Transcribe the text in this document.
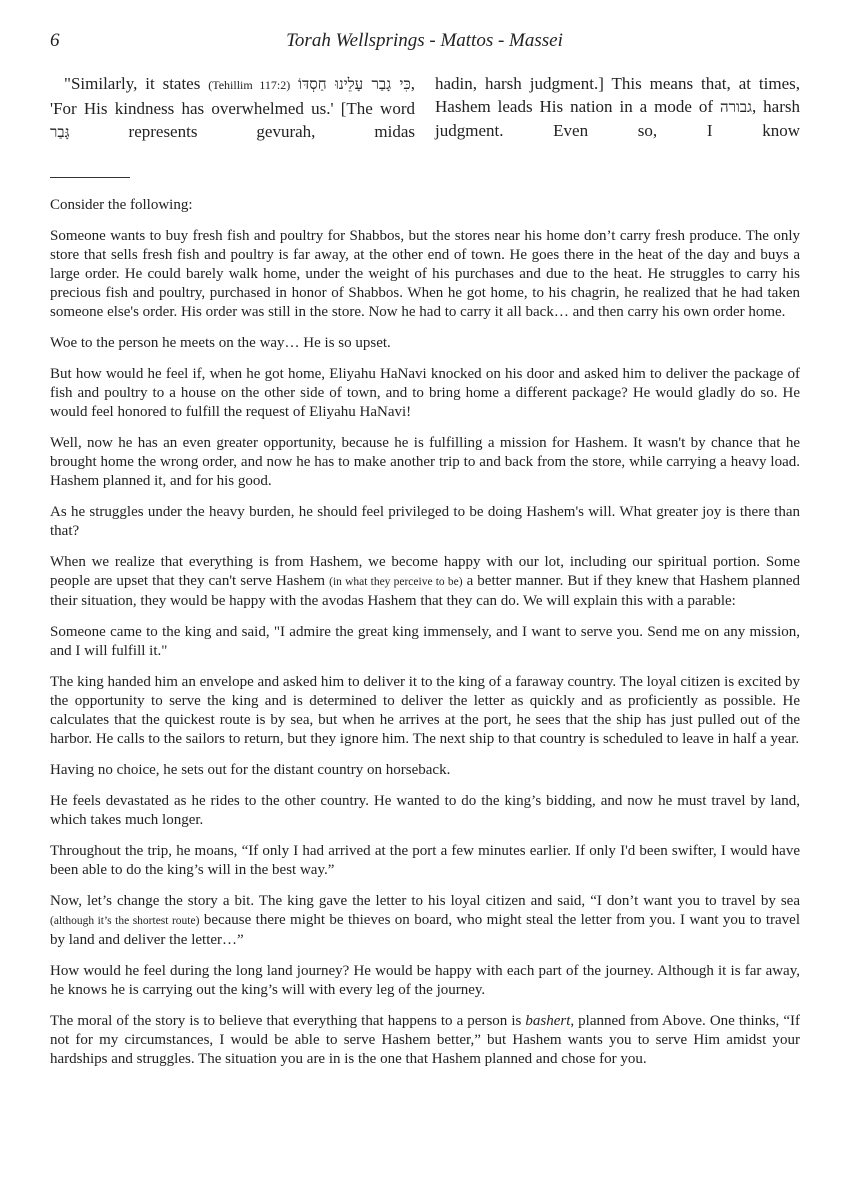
6	Torah Wellsprings - Mattos - Massei

"Similarly, it states (Tehillim 117:2) כִּי גָבַר עָלֵינוּ חַסְדּוֹ, 'For His kindness has overwhelmed us.' [The word גָּבַר represents gevurah, midas

hadin, harsh judgment.] This means that, at times, Hashem leads His nation in a mode of גבורה, harsh judgment. Even so, I know

Consider the following:

Someone wants to buy fresh fish and poultry for Shabbos, but the stores near his home don’t carry fresh produce. The only store that sells fresh fish and poultry is far away, at the other end of town. He goes there in the heat of the day and buys a large order. He could barely walk home, under the weight of his purchases and due to the heat. He struggles to carry his precious fish and poultry, purchased in honor of Shabbos. When he got home, to his chagrin, he realized that he had taken someone else's order. His order was still in the store. Now he had to carry it all back… and then carry his own order home.

Woe to the person he meets on the way… He is so upset.

But how would he feel if, when he got home, Eliyahu HaNavi knocked on his door and asked him to deliver the package of fish and poultry to a house on the other side of town, and to bring home a different package? He would gladly do so. He would feel honored to fulfill the request of Eliyahu HaNavi!

Well, now he has an even greater opportunity, because he is fulfilling a mission for Hashem. It wasn't by chance that he brought home the wrong order, and now he has to make another trip to and back from the store, while carrying a heavy load. Hashem planned it, and for his good.

As he struggles under the heavy burden, he should feel privileged to be doing Hashem's will. What greater joy is there than that?

When we realize that everything is from Hashem, we become happy with our lot, including our spiritual portion. Some people are upset that they can't serve Hashem (in what they perceive to be) a better manner. But if they knew that Hashem planned their situation, they would be happy with the avodas Hashem that they can do. We will explain this with a parable:

Someone came to the king and said, "I admire the great king immensely, and I want to serve you. Send me on any mission, and I will fulfill it."

The king handed him an envelope and asked him to deliver it to the king of a faraway country. The loyal citizen is excited by the opportunity to serve the king and is determined to deliver the letter as quickly and as proficiently as possible. He calculates that the quickest route is by sea, but when he arrives at the port, he sees that the ship has just pulled out of the harbor. He calls to the sailors to return, but they ignore him. The next ship to that country is scheduled to leave in half a year.

Having no choice, he sets out for the distant country on horseback.

He feels devastated as he rides to the other country. He wanted to do the king’s bidding, and now he must travel by land, which takes much longer.

Throughout the trip, he moans, “If only I had arrived at the port a few minutes earlier. If only I'd been swifter, I would have been able to do the king’s will in the best way.”

Now, let’s change the story a bit. The king gave the letter to his loyal citizen and said, “I don’t want you to travel by sea (although it’s the shortest route) because there might be thieves on board, who might steal the letter from you. I want you to travel by land and deliver the letter…”

How would he feel during the long land journey? He would be happy with each part of the journey. Although it is far away, he knows he is carrying out the king’s will with every leg of the journey.

The moral of the story is to believe that everything that happens to a person is bashert, planned from Above. One thinks, “If not for my circumstances, I would be able to serve Hashem better,” but Hashem wants you to serve Him amidst your hardships and struggles. The situation you are in is the one that Hashem planned and chose for you.
